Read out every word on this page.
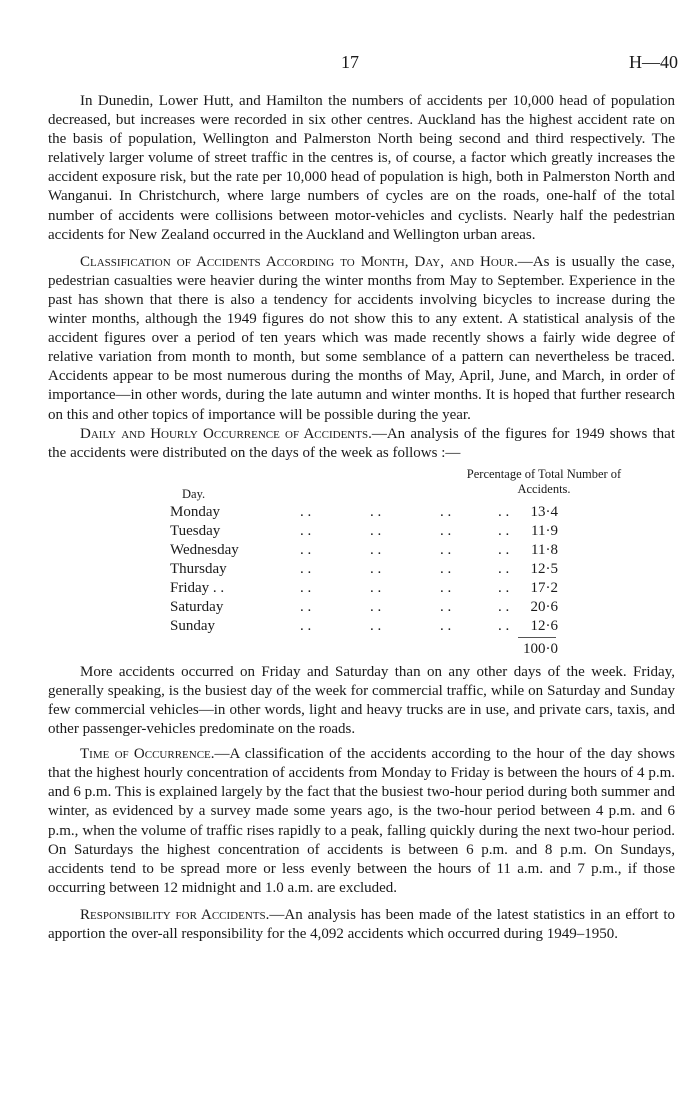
17	H—40

In Dunedin, Lower Hutt, and Hamilton the numbers of accidents per 10,000 head of population decreased, but increases were recorded in six other centres. Auckland has the highest accident rate on the basis of population, Wellington and Palmerston North being second and third respectively. The relatively larger volume of street traffic in the centres is, of course, a factor which greatly increases the accident exposure risk, but the rate per 10,000 head of population is high, both in Palmerston North and Wanganui. In Christchurch, where large numbers of cycles are on the roads, one-half of the total number of accidents were collisions between motor-vehicles and cyclists. Nearly half the pedestrian accidents for New Zealand occurred in the Auckland and Wellington urban areas.

Classification of Accidents According to Month, Day, and Hour.—As is usually the case, pedestrian casualties were heavier during the winter months from May to September. Experience in the past has shown that there is also a tendency for accidents involving bicycles to increase during the winter months, although the 1949 figures do not show this to any extent. A statistical analysis of the accident figures over a period of ten years which was made recently shows a fairly wide degree of relative variation from month to month, but some semblance of a pattern can nevertheless be traced. Accidents appear to be most numerous during the months of May, April, June, and March, in order of importance—in other words, during the late autumn and winter months. It is hoped that further research on this and other topics of importance will be possible during the year.

Daily and Hourly Occurrence of Accidents.—An analysis of the figures for 1949 shows that the accidents were distributed on the days of the week as follows :—

Percentage of Total Number of Accidents.
Day.
Monday	. .	. .	. .	. .	13·4
Tuesday	. .	. .	. .	. .	11·9
Wednesday	. .	. .	. .	. .	11·8
Thursday	. .	. .	. .	. .	12·5
Friday . .	. .	. .	. .	. .	17·2
Saturday	. .	. .	. .	. .	20·6
Sunday	. .	. .	. .	. .	12·6
100·0

More accidents occurred on Friday and Saturday than on any other days of the week. Friday, generally speaking, is the busiest day of the week for commercial traffic, while on Saturday and Sunday few commercial vehicles—in other words, light and heavy trucks are in use, and private cars, taxis, and other passenger-vehicles predominate on the roads.

Time of Occurrence.—A classification of the accidents according to the hour of the day shows that the highest hourly concentration of accidents from Monday to Friday is between the hours of 4 p.m. and 6 p.m. This is explained largely by the fact that the busiest two-hour period during both summer and winter, as evidenced by a survey made some years ago, is the two-hour period between 4 p.m. and 6 p.m., when the volume of traffic rises rapidly to a peak, falling quickly during the next two-hour period. On Saturdays the highest concentration of accidents is between 6 p.m. and 8 p.m. On Sundays, accidents tend to be spread more or less evenly between the hours of 11 a.m. and 7 p.m., if those occurring between 12 midnight and 1.0 a.m. are excluded.

Responsibility for Accidents.—An analysis has been made of the latest statistics in an effort to apportion the over-all responsibility for the 4,092 accidents which occurred during 1949–1950.
